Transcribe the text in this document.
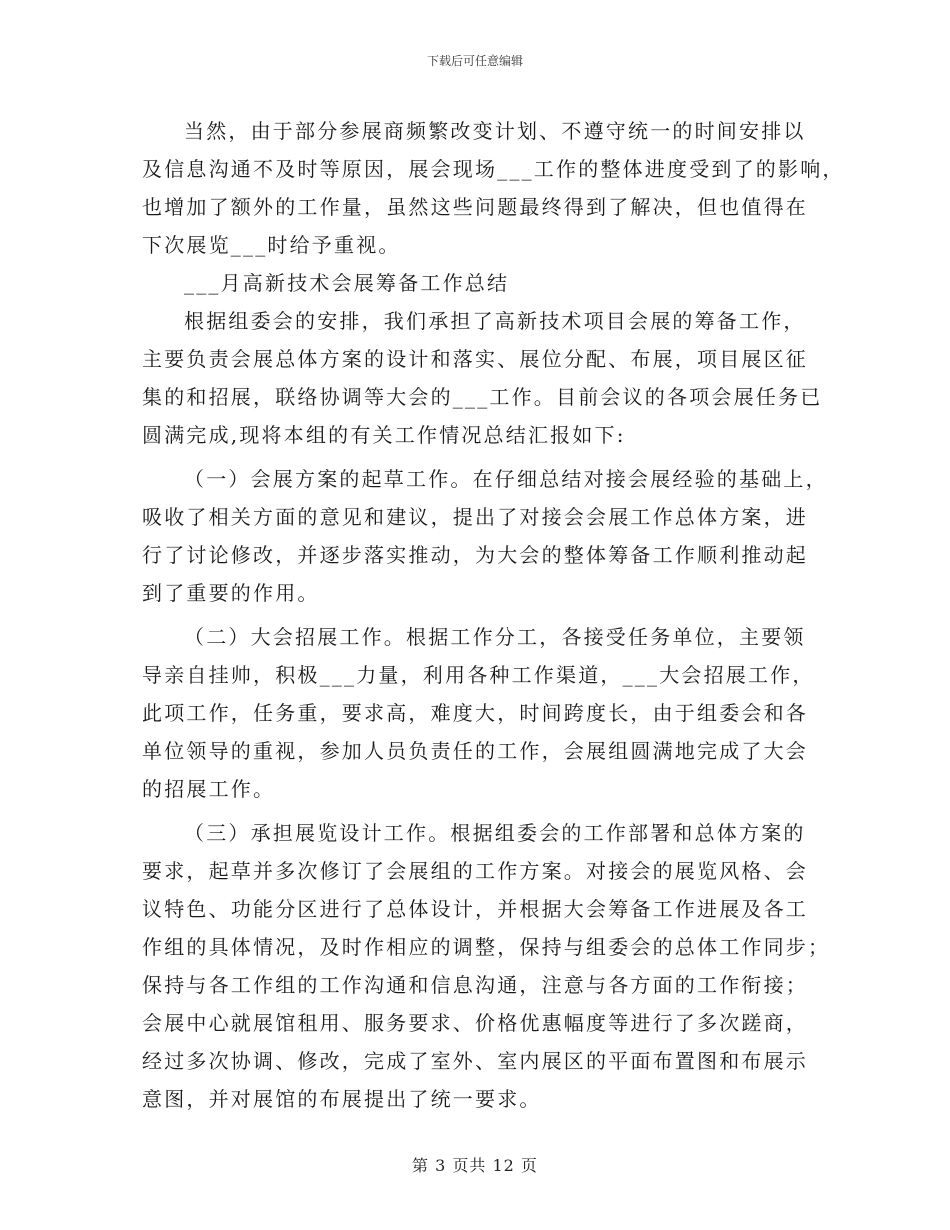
下载后可任意编辑
当然，由于部分参展商频繁改变计划、不遵守统一的时间安排以
及信息沟通不及时等原因，展会现场___工作的整体进度受到了的影响，
也增加了额外的工作量，虽然这些问题最终得到了解决，但也值得在
下次展览___时给予重视。
___月高新技术会展筹备工作总结
根据组委会的安排，我们承担了高新技术项目会展的筹备工作，
主要负责会展总体方案的设计和落实、展位分配、布展，项目展区征
集的和招展，联络协调等大会的___工作。目前会议的各项会展任务已
圆满完成,现将本组的有关工作情况总结汇报如下:
（一）会展方案的起草工作。在仔细总结对接会展经验的基础上，
吸收了相关方面的意见和建议，提出了对接会会展工作总体方案，进
行了讨论修改，并逐步落实推动，为大会的整体筹备工作顺利推动起
到了重要的作用。
（二）大会招展工作。根据工作分工，各接受任务单位，主要领
导亲自挂帅，积极___力量，利用各种工作渠道，___大会招展工作，
此项工作，任务重，要求高，难度大，时间跨度长，由于组委会和各
单位领导的重视，参加人员负责任的工作，会展组圆满地完成了大会
的招展工作。
（三）承担展览设计工作。根据组委会的工作部署和总体方案的
要求，起草并多次修订了会展组的工作方案。对接会的展览风格、会
议特色、功能分区进行了总体设计，并根据大会筹备工作进展及各工
作组的具体情况，及时作相应的调整，保持与组委会的总体工作同步；
保持与各工作组的工作沟通和信息沟通，注意与各方面的工作衔接；
会展中心就展馆租用、服务要求、价格优惠幅度等进行了多次蹉商，
经过多次协调、修改，完成了室外、室内展区的平面布置图和布展示
意图，并对展馆的布展提出了统一要求。
第 3 页共 12 页
